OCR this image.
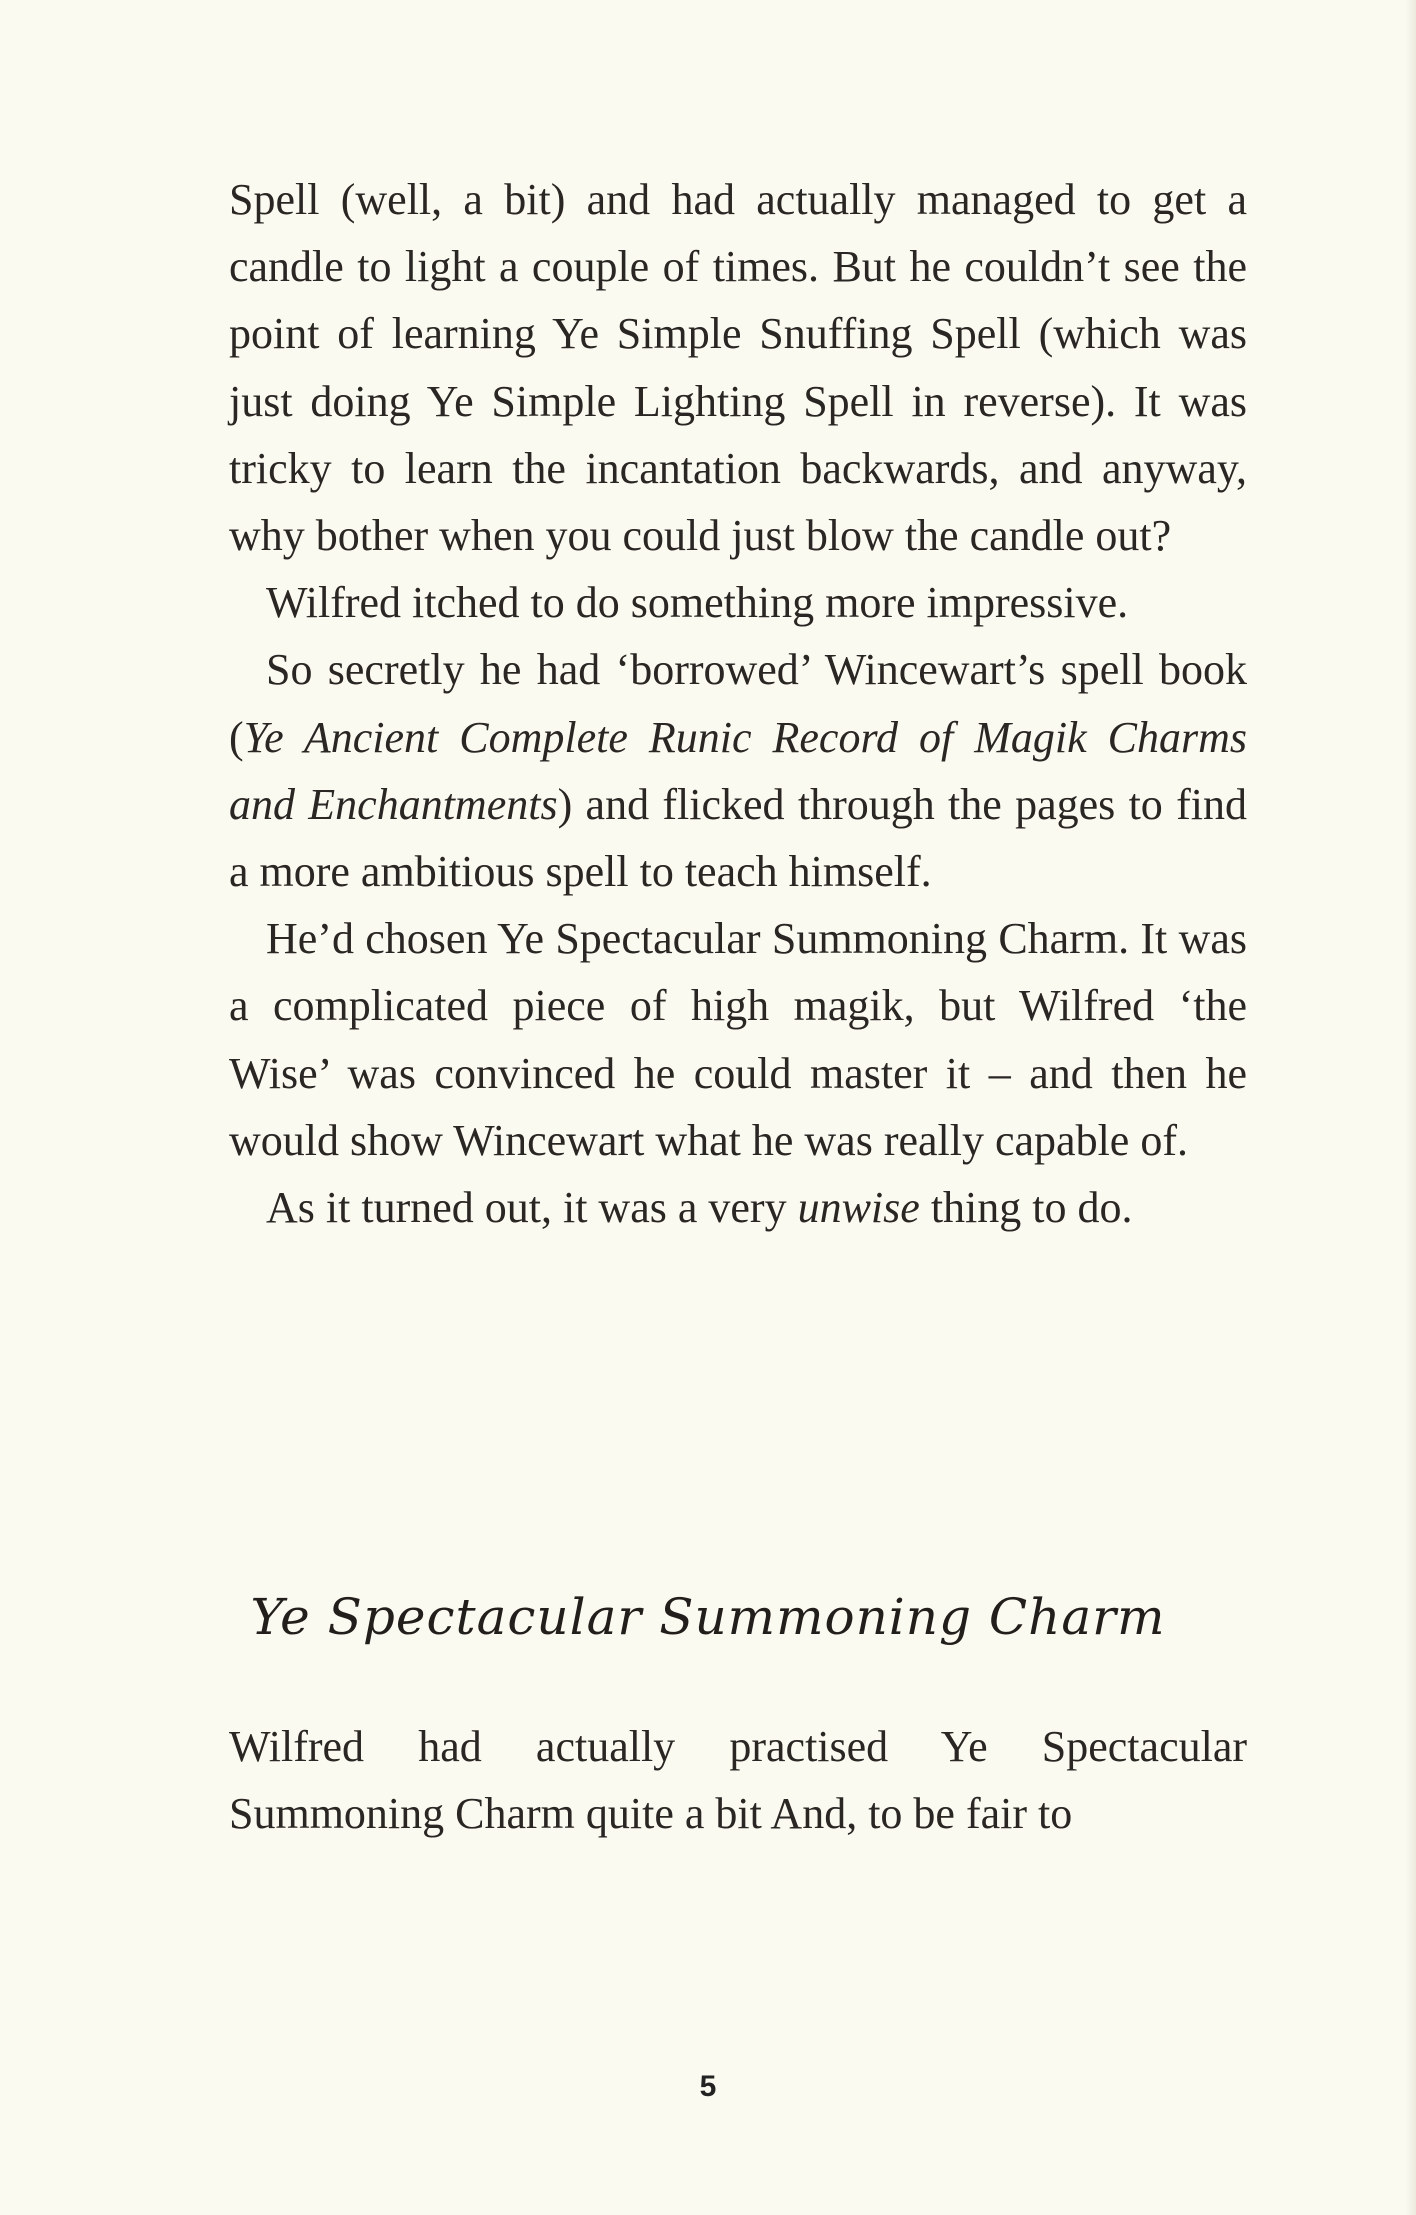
Spell (well, a bit) and had actually managed to get a candle to light a couple of times. But he couldn’t see the point of learning Ye Simple Snuffing Spell (which was just doing Ye Simple Lighting Spell in reverse). It was tricky to learn the incantation backwards, and anyway, why bother when you could just blow the candle out?

Wilfred itched to do something more impressive.

So secretly he had ‘borrowed’ Wincewart’s spell book (Ye Ancient Complete Runic Record of Magik Charms and Enchantments) and flicked through the pages to find a more ambitious spell to teach himself.

He’d chosen Ye Spectacular Summoning Charm. It was a complicated piece of high magik, but Wilfred ‘the Wise’ was convinced he could master it – and then he would show Wincewart what he was really capable of.

As it turned out, it was a very unwise thing to do.

Ye Spectacular Summoning Charm

Wilfred had actually practised Ye Spectacular Summoning Charm quite a bit And, to be fair to

5
